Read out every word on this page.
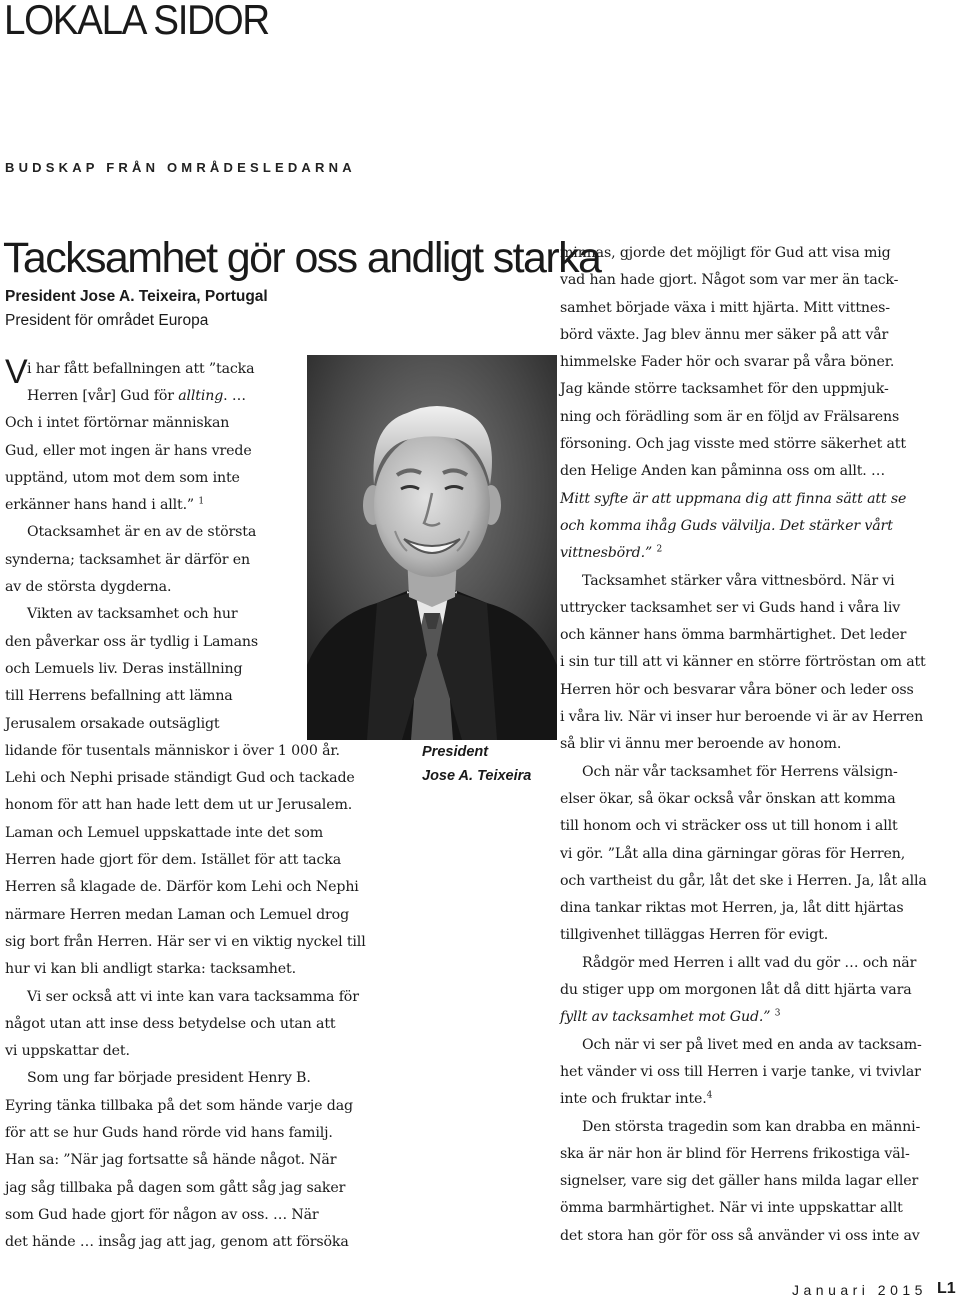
LOKALA SIDOR
BUDSKAP FRÅN OMRÅDESLEDARNA
Tacksamhet gör oss andligt starka
President Jose A. Teixeira, Portugal
President för området Europa

V i har fått befallningen att ”tacka

Herren [vår] Gud för allting. …

Och i intet förtörnar människan

Gud, eller mot ingen är hans vrede

upptänd, utom mot dem som inte

erkänner hans hand i allt.” $^1$

Otacksamhet är en av de största

synderna; tacksamhet är därför en

av de största dygderna.

Vikten av tacksamhet och hur

den påverkar oss är tydlig i Lamans

och Lemuels liv. Deras inställning

till Herrens befallning att lämna

Jerusalem orsakade outsägligt

lidande för tusentals människor i över 1 000 år.

Lehi och Nephi prisade ständigt Gud och tackade

honom för att han hade lett dem ut ur Jerusalem.

Laman och Lemuel uppskattade inte det som

Herren hade gjort för dem. Istället för att tacka

Herren så klagade de. Därför kom Lehi och Nephi

närmare Herren medan Laman och Lemuel drog

sig bort från Herren. Här ser vi en viktig nyckel till

hur vi kan bli andligt starka: tacksamhet.

Vi ser också att vi inte kan vara tacksamma för

något utan att inse dess betydelse och utan att

vi uppskattar det.

Som ung far började president Henry B.

Eyring tänka tillbaka på det som hände varje dag

för att se hur Guds hand rörde vid hans familj.

Han sa: ”När jag fortsatte så hände något. När

jag såg tillbaka på dagen som gått såg jag saker

som Gud hade gjort för någon av oss. … När

det hände … insåg jag att jag, genom att försöka

President
Jose A. Teixeira

minnas, gjorde det möjligt för Gud att visa mig

vad han hade gjort. Något som var mer än tack-

samhet började växa i mitt hjärta. Mitt vittnes-

börd växte. Jag blev ännu mer säker på att vår

himmelske Fader hör och svarar på våra böner.

Jag kände större tacksamhet för den uppmjuk-

ning och förädling som är en följd av Frälsarens

försoning. Och jag visste med större säkerhet att

den Helige Anden kan påminna oss om allt. …

Mitt syfte är att uppmana dig att finna sätt att se

och komma ihåg Guds välvilja. Det stärker vårt

vittnesbörd.” $^2$

Tacksamhet stärker våra vittnesbörd. När vi

uttrycker tacksamhet ser vi Guds hand i våra liv

och känner hans ömma barmhärtighet. Det leder

i sin tur till att vi känner en större förtröstan om att

Herren hör och besvarar våra böner och leder oss

i våra liv. När vi inser hur beroende vi är av Herren

så blir vi ännu mer beroende av honom.

Och när vår tacksamhet för Herrens välsign-

elser ökar, så ökar också vår önskan att komma

till honom och vi sträcker oss ut till honom i allt

vi gör. ”Låt alla dina gärningar göras för Herren,

och vartheist du går, låt det ske i Herren. Ja, låt alla

dina tankar riktas mot Herren, ja, låt ditt hjärtas

tillgivenhet tilläggas Herren för evigt.

Rådgör med Herren i allt vad du gör … och när

du stiger upp om morgonen låt då ditt hjärta vara

fyllt av tacksamhet mot Gud.” $^3$

Och när vi ser på livet med en anda av tacksam-

het vänder vi oss till Herren i varje tanke, vi tvivlar

inte och fruktar inte.$^4$

Den största tragedin som kan drabba en männi-

ska är när hon är blind för Herrens frikostiga väl-

signelser, vare sig det gäller hans milda lagar eller

ömma barmhärtighet. När vi inte uppskattar allt

det stora han gör för oss så använder vi oss inte av

Januari 2015 L1
